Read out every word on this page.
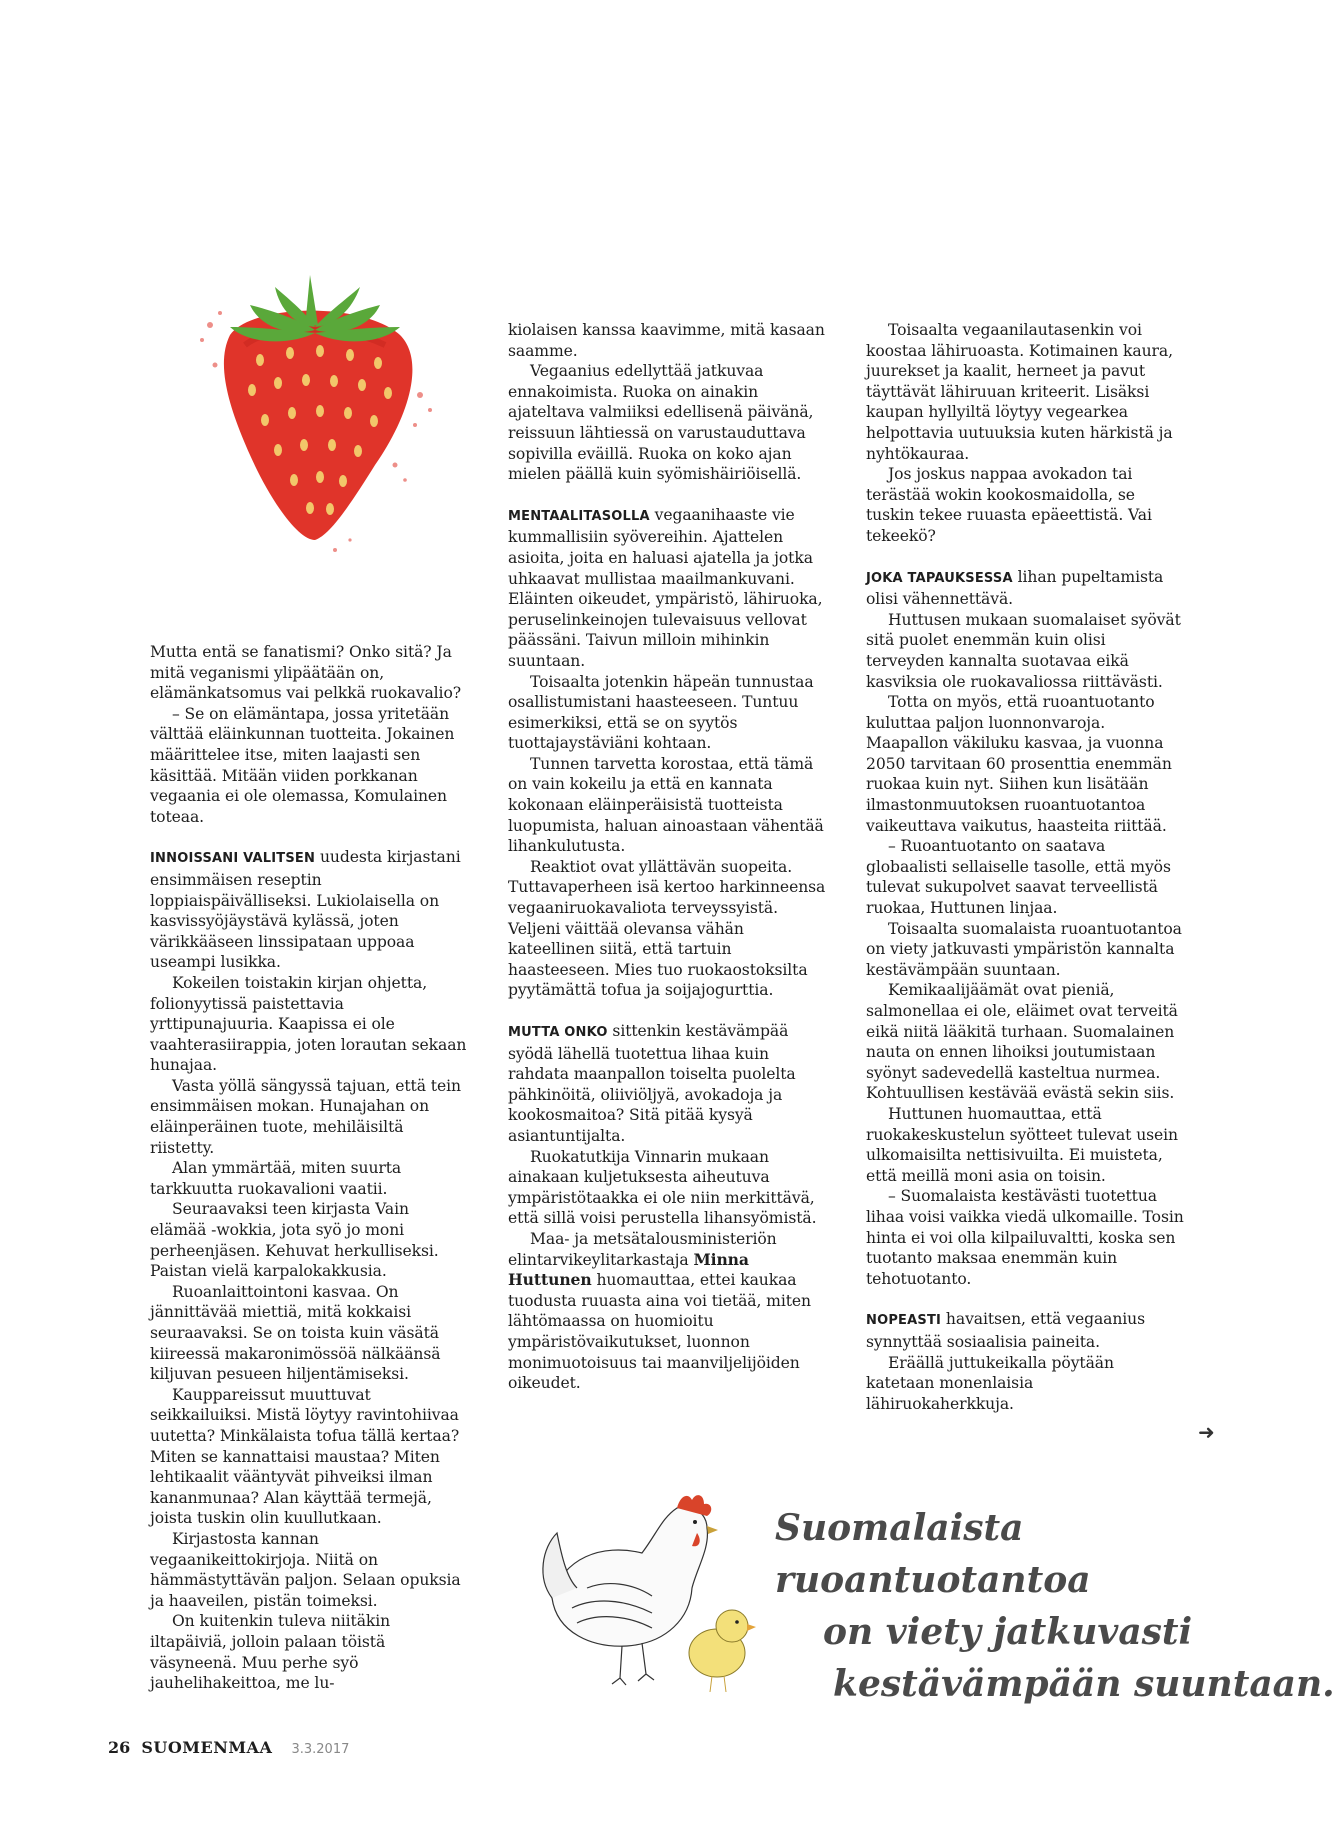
Mutta entä se fanatismi? Onko sitä? Ja mitä veganismi ylipäätään on, elämänkatsomus vai pelkkä ruokavalio?

– Se on elämäntapa, jossa yritetään välttää eläinkunnan tuotteita. Jokainen määrittelee itse, miten laajasti sen käsittää. Mitään viiden porkkanan vegaania ei ole olemassa, Komulainen toteaa.

INNOISSANI VALITSEN uudesta kirjastani ensimmäisen reseptin loppiaispäivälliseksi. Lukiolaisella on kasvissyöjäystävä kylässä, joten värikkääseen linssipataan uppoaa useampi lusikka.

Kokeilen toistakin kirjan ohjetta, folionyytissä paistettavia yrttipunajuuria. Kaapissa ei ole vaahterasiirappia, joten lorautan sekaan hunajaa.

Vasta yöllä sängyssä tajuan, että tein ensimmäisen mokan. Hunajahan on eläinperäinen tuote, mehiläisiltä riistetty.

Alan ymmärtää, miten suurta tarkkuutta ruokavalioni vaatii.

Seuraavaksi teen kirjasta Vain elämää -wokkia, jota syö jo moni perheenjäsen. Kehuvat herkulliseksi. Paistan vielä karpalokakkusia.

Ruoanlaittointoni kasvaa. On jännittävää miettiä, mitä kokkaisi seuraavaksi. Se on toista kuin väsätä kiireessä makaronimössöä nälkäänsä kiljuvan pesueen hiljentämiseksi.

Kauppareissut muuttuvat seikkailuiksi. Mistä löytyy ravintohiivaa uutetta? Minkälaista tofua tällä kertaa? Miten se kannattaisi maustaa? Miten lehtikaalit vääntyvät pihveiksi ilman kananmunaa? Alan käyttää termejä, joista tuskin olin kuullutkaan.

Kirjastosta kannan vegaanikeittokirjoja. Niitä on hämmästyttävän paljon. Selaan opuksia ja haaveilen, pistän toimeksi.

On kuitenkin tuleva niitäkin iltapäiviä, jolloin palaan töistä väsyneenä. Muu perhe syö jauhelihakeittoa, me lu-

kiolaisen kanssa kaavimme, mitä kasaan saamme.

Vegaanius edellyttää jatkuvaa ennakoimista. Ruoka on ainakin ajateltava valmiiksi edellisenä päivänä, reissuun lähtiessä on varustauduttava sopivilla eväillä. Ruoka on koko ajan mielen päällä kuin syömishäiriöisellä.

MENTAALITASOLLA vegaanihaaste vie kummallisiin syövereihin. Ajattelen asioita, joita en haluasi ajatella ja jotka uhkaavat mullistaa maailmankuvani. Eläinten oikeudet, ympäristö, lähiruoka, peruselinkeinojen tulevaisuus vellovat päässäni. Taivun milloin mihinkin suuntaan.

Toisaalta jotenkin häpeän tunnustaa osallistumistani haasteeseen. Tuntuu esimerkiksi, että se on syytös tuottajaystäviäni kohtaan.

Tunnen tarvetta korostaa, että tämä on vain kokeilu ja että en kannata kokonaan eläinperäisistä tuotteista luopumista, haluan ainoastaan vähentää lihankulutusta.

Reaktiot ovat yllättävän suopeita. Tuttavaperheen isä kertoo harkinneensa vegaaniruokavaliota terveyssyistä. Veljeni väittää olevansa vähän kateellinen siitä, että tartuin haasteeseen. Mies tuo ruokaostoksilta pyytämättä tofua ja soijajogurttia.

MUTTA ONKO sittenkin kestävämpää syödä lähellä tuotettua lihaa kuin rahdata maanpallon toiselta puolelta pähkinöitä, oliiviöljyä, avokadoja ja kookosmaitoa? Sitä pitää kysyä asiantuntijalta.

Ruokatutkija Vinnarin mukaan ainakaan kuljetuksesta aiheutuva ympäristötaakka ei ole niin merkittävä, että sillä voisi perustella lihansyömistä.

Maa- ja metsätalousministeriön elintarvikeylitarkastaja Minna Huttunen huomauttaa, ettei kaukaa tuodusta ruuasta aina voi tietää, miten lähtömaassa on huomioitu ympäristövaikutukset, luonnon monimuotoisuus tai maanviljelijöiden oikeudet.

Toisaalta vegaanilautasenkin voi koostaa lähiruoasta. Kotimainen kaura, juurekset ja kaalit, herneet ja pavut täyttävät lähiruuan kriteerit. Lisäksi kaupan hyllyiltä löytyy vegearkea helpottavia uutuuksia kuten härkistä ja nyhtökauraa.

Jos joskus nappaa avokadon tai terästää wokin kookosmaidolla, se tuskin tekee ruuasta epäeettistä. Vai tekeekö?

JOKA TAPAUKSESSA lihan pupeltamista olisi vähennettävä.

Huttusen mukaan suomalaiset syövät sitä puolet enemmän kuin olisi terveyden kannalta suotavaa eikä kasviksia ole ruokavaliossa riittävästi.

Totta on myös, että ruoantuotanto kuluttaa paljon luonnonvaroja. Maapallon väkiluku kasvaa, ja vuonna 2050 tarvitaan 60 prosenttia enemmän ruokaa kuin nyt. Siihen kun lisätään ilmastonmuutoksen ruoantuotantoa vaikeuttava vaikutus, haasteita riittää.

– Ruoantuotanto on saatava globaalisti sellaiselle tasolle, että myös tulevat sukupolvet saavat terveellistä ruokaa, Huttunen linjaa.

Toisaalta suomalaista ruoantuotantoa on viety jatkuvasti ympäristön kannalta kestävämpään suuntaan.

Kemikaalijäämät ovat pieniä, salmonellaa ei ole, eläimet ovat terveitä eikä niitä lääkitä turhaan. Suomalainen nauta on ennen lihoiksi joutumistaan syönyt sadevedellä kasteltua nurmea. Kohtuullisen kestävää evästä sekin siis.

Huttunen huomauttaa, että ruokakeskustelun syötteet tulevat usein ulkomaisilta nettisivuilta. Ei muisteta, että meillä moni asia on toisin.

– Suomalaista kestävästi tuotettua lihaa voisi vaikka viedä ulkomaille. Tosin hinta ei voi olla kilpailuvaltti, koska sen tuotanto maksaa enemmän kuin tehotuotanto.

NOPEASTI havaitsen, että vegaanius synnyttää sosiaalisia paineita.

Eräällä juttukeikalla pöytään katetaan monenlaisia lähiruokaherkkuja.

➜
Suomalaista ruoantuotantoa
on viety jatkuvasti
kestävämpään suuntaan.
26 SUOMENMAA 3.3.2017
